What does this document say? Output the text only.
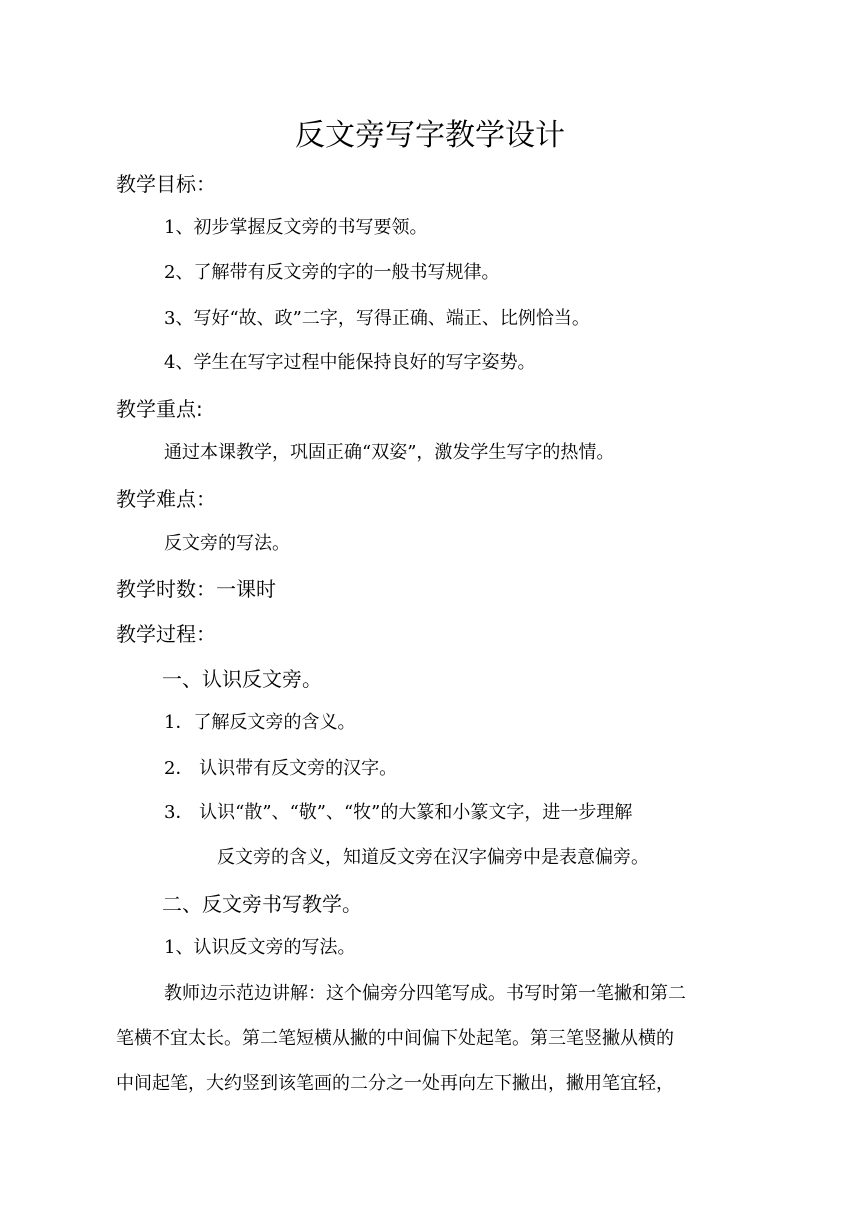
反文旁写字教学设计
教学目标：
1、初步掌握反文旁的书写要领。
2、了解带有反文旁的字的一般书写规律。
3、写好“故、政”二字，写得正确、端正、比例恰当。
4、学生在写字过程中能保持良好的写字姿势。
教学重点:
通过本课教学，巩固正确“双姿”，激发学生写字的热情。
教学难点：
反文旁的写法。
教学时数：一课时
教学过程：
一、认识反文旁。
1．了解反文旁的含义。
2． 认识带有反文旁的汉字。
3． 认识“散”、“敬”、“牧”的大篆和小篆文字，进一步理解
反文旁的含义，知道反文旁在汉字偏旁中是表意偏旁。
二、反文旁书写教学。
1、认识反文旁的写法。
教师边示范边讲解：这个偏旁分四笔写成。书写时第一笔撇和第二
笔横不宜太长。第二笔短横从撇的中间偏下处起笔。第三笔竖撇从横的
中间起笔，大约竖到该笔画的二分之一处再向左下撇出，撇用笔宜轻，
